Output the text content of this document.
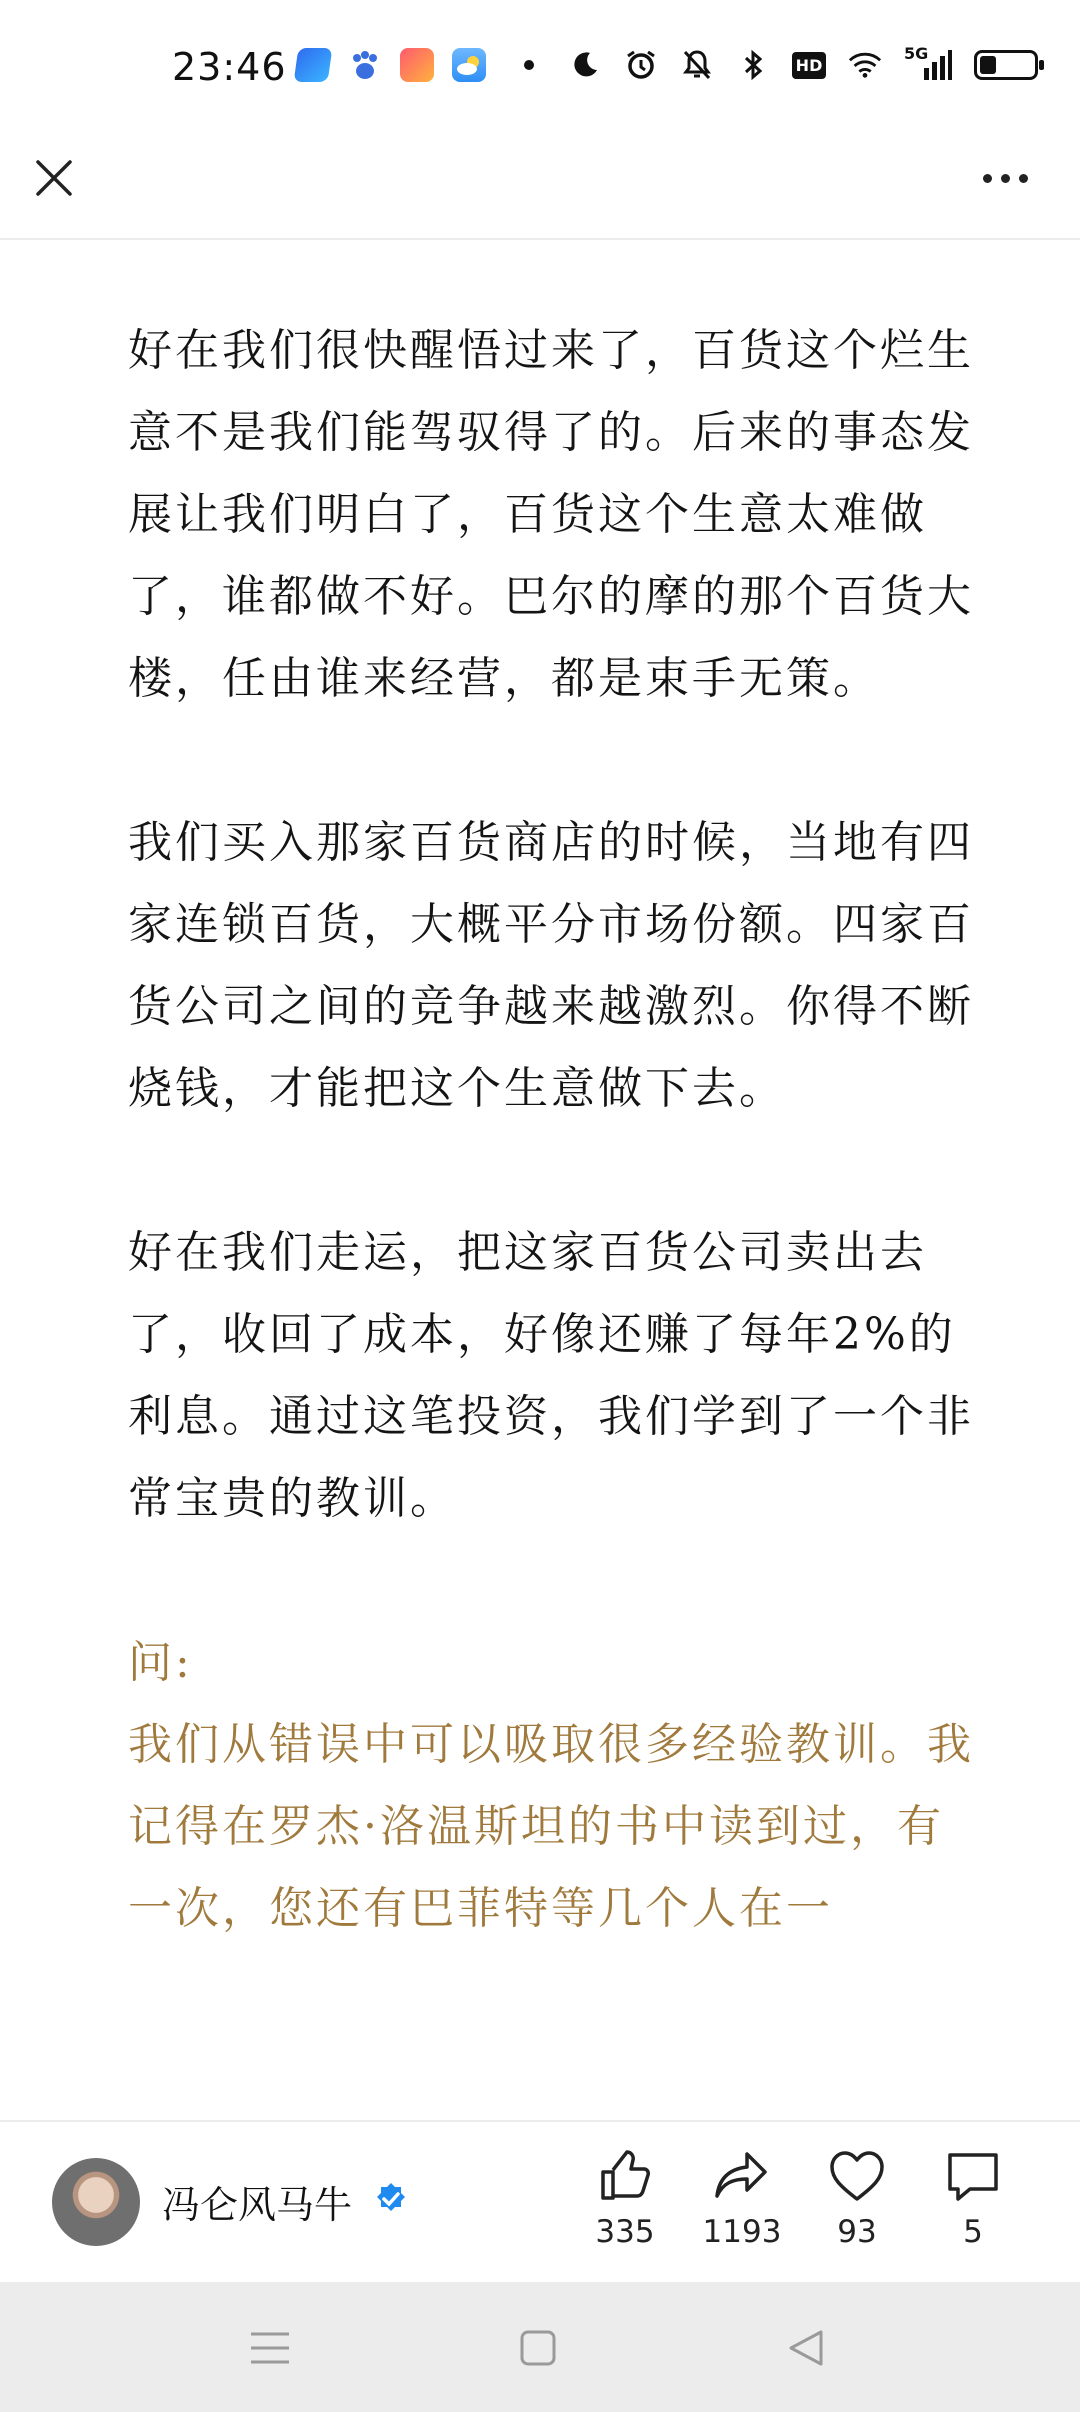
23:46	HD
5G

好在我们很快醒悟过来了，百货这个烂生意不是我们能驾驭得了的。后来的事态发展让我们明白了，百货这个生意太难做了，谁都做不好。巴尔的摩的那个百货大楼，任由谁来经营，都是束手无策。

我们买入那家百货商店的时候，当地有四家连锁百货，大概平分市场份额。四家百货公司之间的竞争越来越激烈。你得不断烧钱，才能把这个生意做下去。

好在我们走运，把这家百货公司卖出去了，收回了成本，好像还赚了每年2%的利息。通过这笔投资，我们学到了一个非常宝贵的教训。

问:

我们从错误中可以吸取很多经验教训。我记得在罗杰·洛温斯坦的书中读到过，有一次，您还有巴菲特等几个人在一

冯仑风马牛
335	1193	93	5
